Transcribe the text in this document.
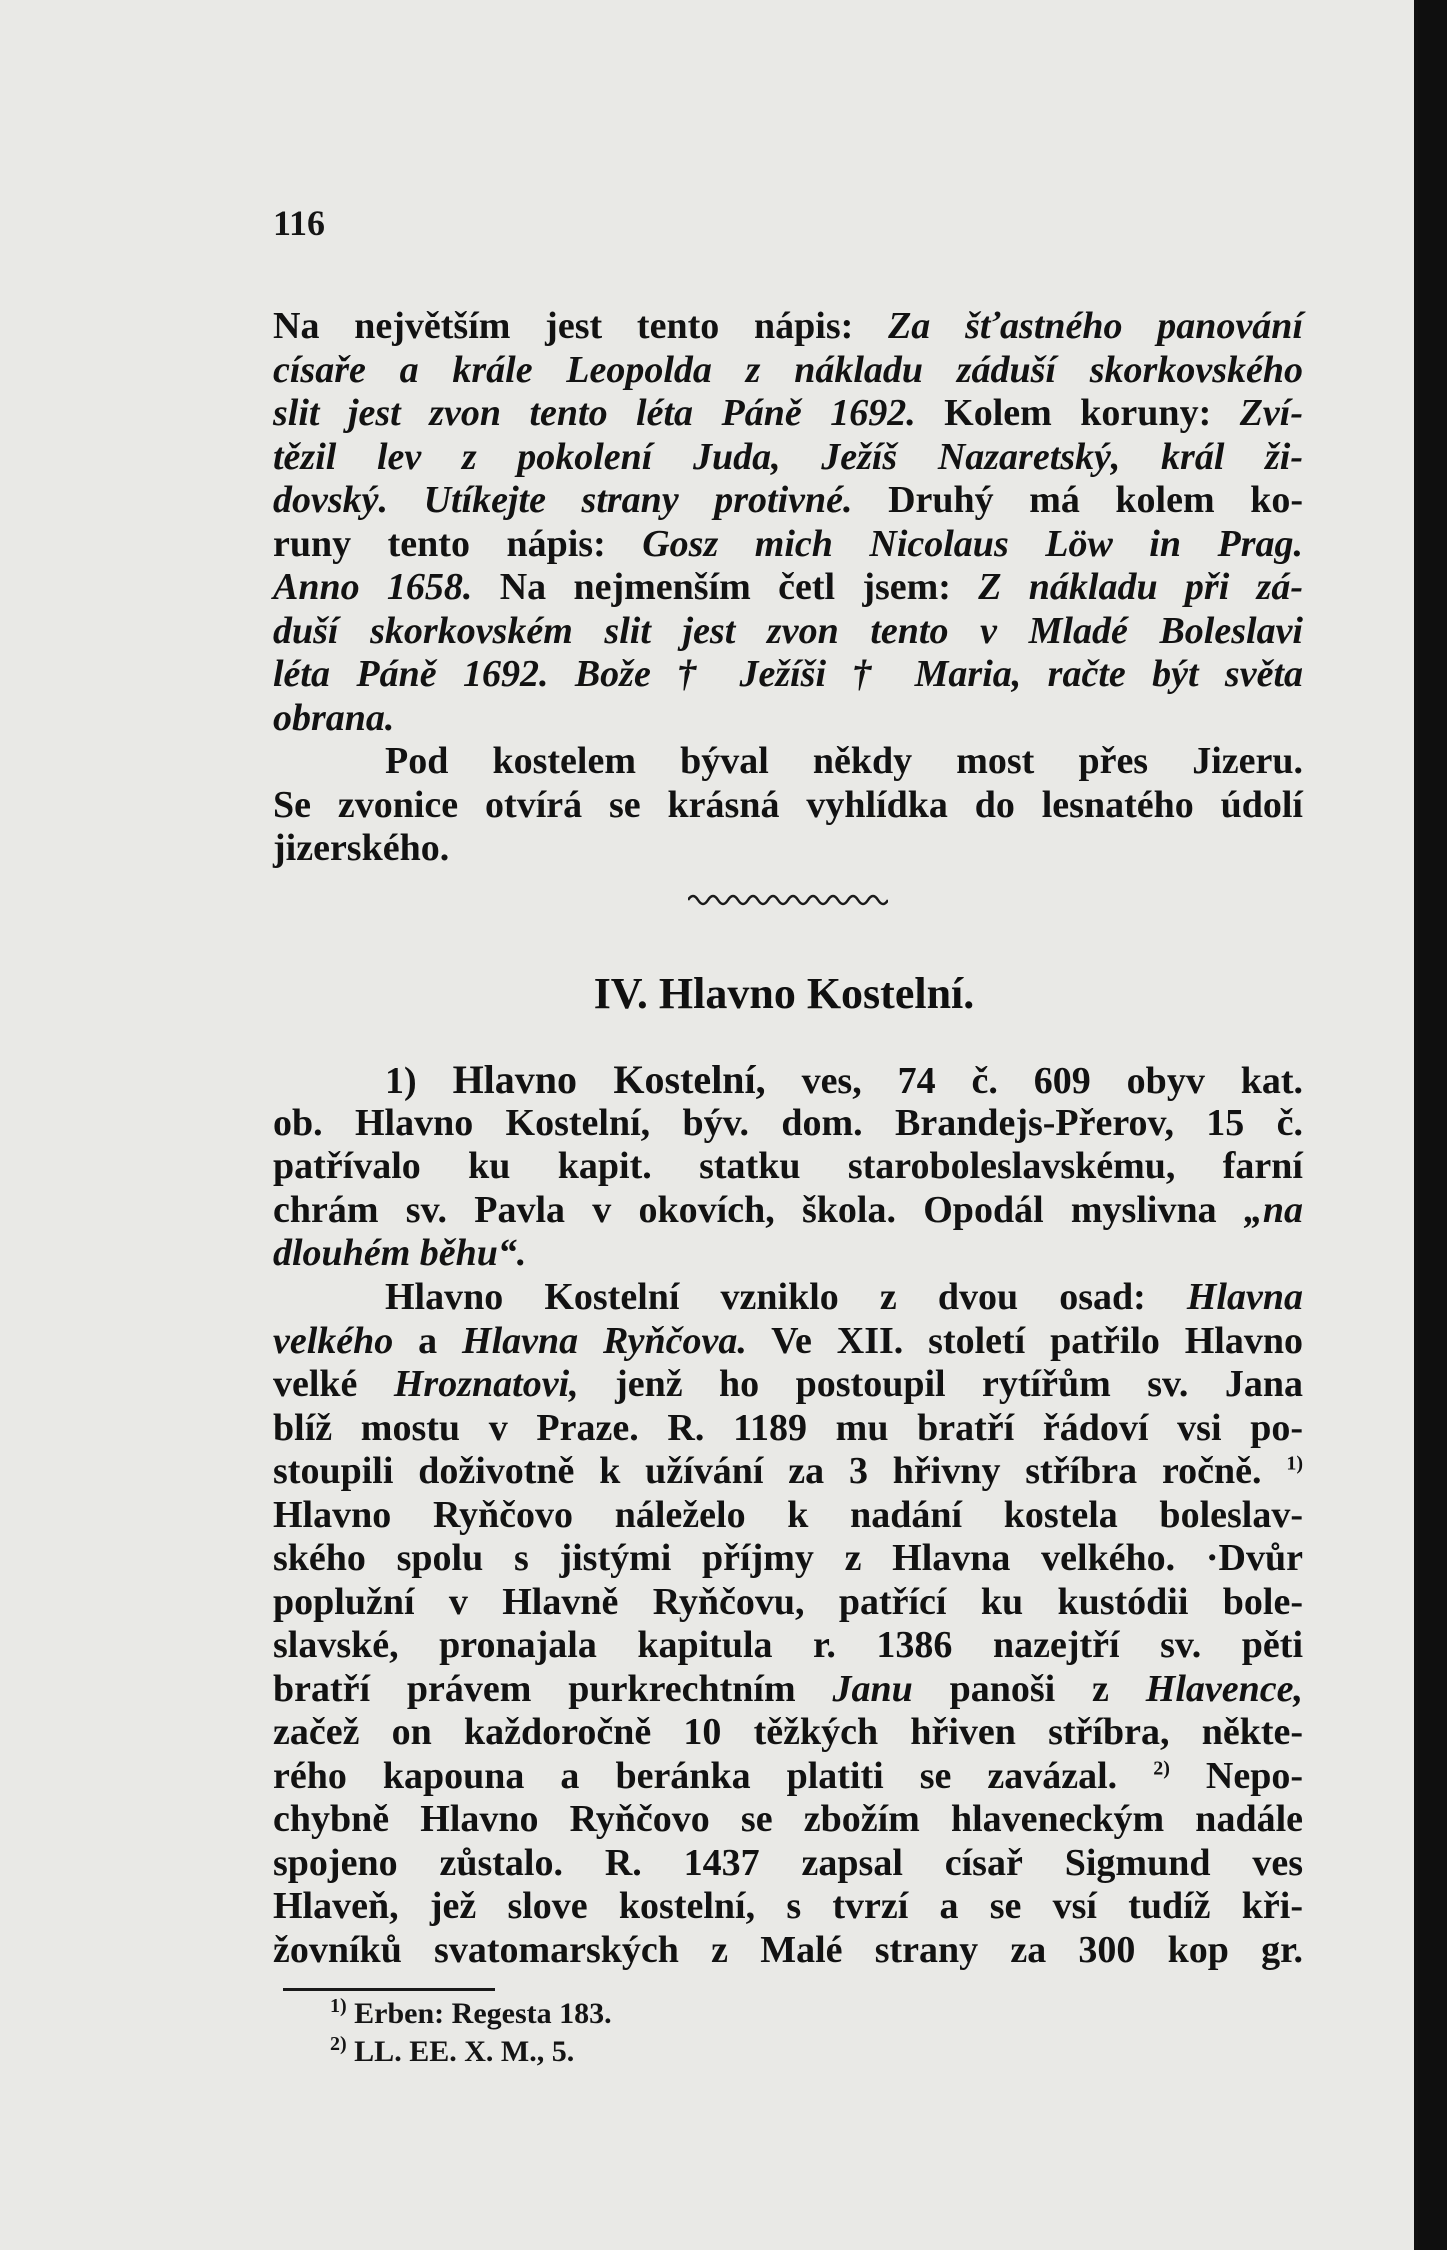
116
Na největším jest tento nápis: Za šťastného panování
císaře a krále Leopolda z nákladu záduší skorkovského
slit jest zvon tento léta Páně 1692. Kolem koruny: Zví-
tězil lev z pokolení Juda, Ježíš Nazaretský, král ži-
dovský. Utíkejte strany protivné. Druhý má kolem ko-
runy tento nápis: Gosz mich Nicolaus Löw in Prag.
Anno 1658. Na nejmenším četl jsem: Z nákladu při zá-
duší skorkovském slit jest zvon tento v Mladé Boleslavi
léta Páně 1692. Bože † Ježíši † Maria, račte být světa
obrana.
Pod kostelem býval někdy most přes Jizeru.
Se zvonice otvírá se krásná vyhlídka do lesnatého údolí
jizerského.
IV. Hlavno Kostelní.
1) Hlavno Kostelní, ves, 74 č. 609 obyv kat.
ob. Hlavno Kostelní, býv. dom. Brandejs-Přerov, 15 č.
patřívalo ku kapit. statku staroboleslavskému, farní
chrám sv. Pavla v okovích, škola. Opodál myslivna „na
dlouhém běhu“.
Hlavno Kostelní vzniklo z dvou osad: Hlavna
velkého a Hlavna Ryňčova. Ve XII. století patřilo Hlavno
velké Hroznatovi, jenž ho postoupil rytířům sv. Jana
blíž mostu v Praze. R. 1189 mu bratří řádoví vsi po-
stoupili doživotně k užívání za 3 hřivny stříbra ročně. $^{1)}$
Hlavno Ryňčovo náleželo k nadání kostela boleslav-
ského spolu s jistými příjmy z Hlavna velkého. ·Dvůr
poplužní v Hlavně Ryňčovu, patřící ku kustódii bole-
slavské, pronajala kapitula r. 1386 nazejtří sv. pěti
bratří právem purkrechtním Janu panoši z Hlavence,
začež on každoročně 10 těžkých hřiven stříbra, někte-
rého kapouna a beránka platiti se zavázal. $^{2)}$ Nepo-
chybně Hlavno Ryňčovo se zbožím hlaveneckým nadále
spojeno zůstalo. R. 1437 zapsal císař Sigmund ves
Hlaveň, jež slove kostelní, s tvrzí a se vsí tudíž kři-
žovníků svatomarských z Malé strany za 300 kop gr.
$^{1)}$ Erben: Regesta 183.
$^{2)}$ LL. EE. X. M., 5.
